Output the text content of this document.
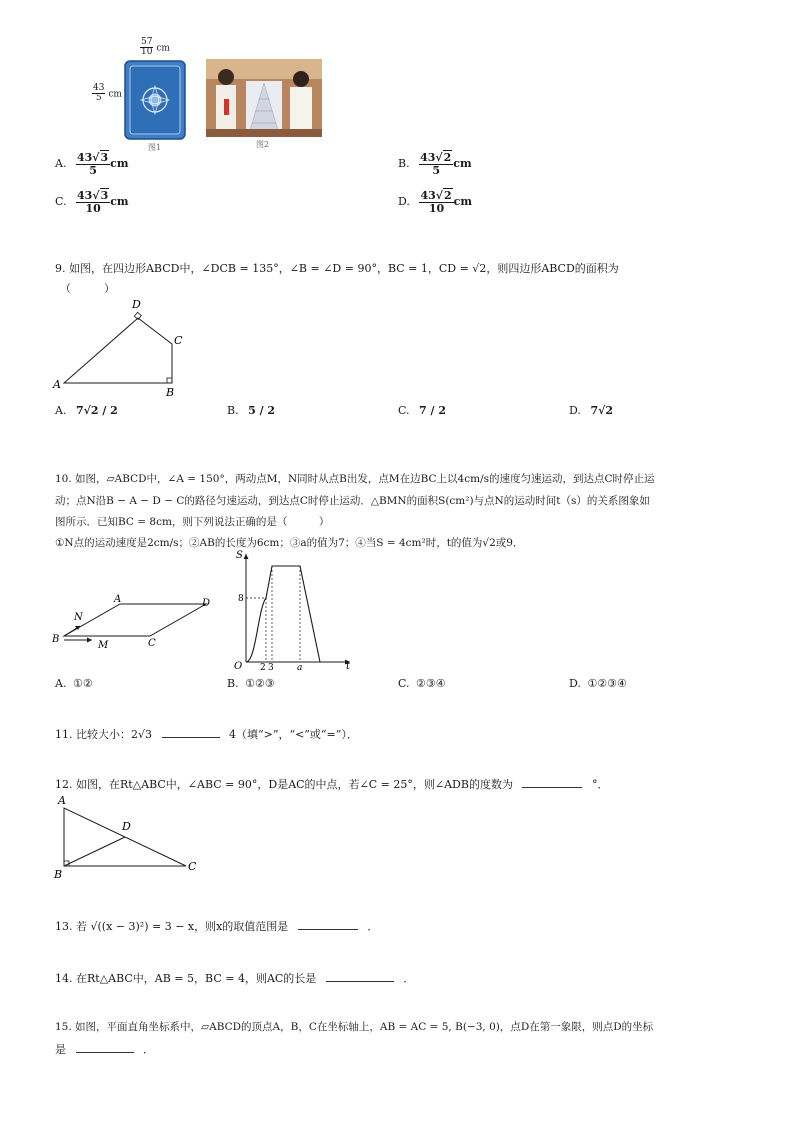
$\frac{57}{10}$ cm
$\frac{43}{5}$ cm
图1	图2
A. $\frac{43√3}{5}$ cm	B. $\frac{43√2}{5}$ cm
C. $\frac{43√3}{10}$ cm	D. $\frac{43√2}{10}$ cm
9. 如图，在四边形ABCD中，∠DCB = 135°，∠B = ∠D = 90°，BC = 1，CD = √2，则四边形ABCD的面积为
（　　　）
D
C
A
B
A. 7√2 / 2	B. 5 / 2	C. 7 / 2	D. 7√2
10. 如图，▱ABCD中，∠A = 150°，两动点M，N同时从点B出发，点M在边BC上以4cm/s的速度匀速运动，到达点C时停止运
动；点N沿B − A − D − C的路径匀速运动，到达点C时停止运动．△BMN的面积S(cm²)与点N的运动时间t（s）的关系图象如
图所示．已知BC = 8cm，则下列说法正确的是（　　　）
①N点的运动速度是2cm/s；②AB的长度为6cm；③a的值为7；④当S = 4cm²时，t的值为√2或9．
A	D
B	C
N
M
S
t
O
8
2 3	a
A. ①②	B. ①②③	C. ②③④	D. ①②③④
11. 比较大小：2√3	4（填“>”，“<”或“=”）．
12. 如图，在Rt△ABC中，∠ABC = 90°，D是AC的中点，若∠C = 25°，则∠ADB的度数为	°．
A
D
B
C
13. 若 √((x − 3)²) = 3 − x，则x的取值范围是	．
14. 在Rt△ABC中，AB = 5，BC = 4，则AC的长是	．
15. 如图，平面直角坐标系中，▱ABCD的顶点A，B，C在坐标轴上，AB = AC = 5, B(−3, 0)，点D在第一象限，则点D的坐标
是	．
